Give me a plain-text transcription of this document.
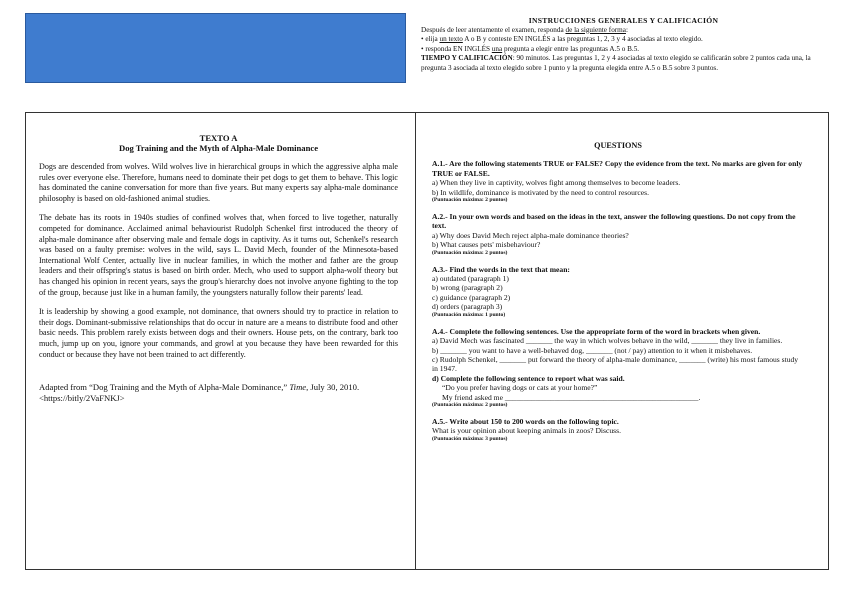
INSTRUCCIONES GENERALES Y CALIFICACIÓN

Después de leer atentamente el examen, responda de la siguiente forma:

• elija un texto A o B y conteste EN INGLÉS a las preguntas 1, 2, 3 y 4 asociadas al texto elegido.

• responda EN INGLÉS una pregunta a elegir entre las preguntas A.5 o B.5.

TIEMPO Y CALIFICACIÓN: 90 minutos. Las preguntas 1, 2 y 4 asociadas al texto elegido se calificarán sobre 2 puntos cada una, la pregunta 3 asociada al texto elegido sobre 1 punto y la pregunta elegida entre A.5 o B.5 sobre 3 puntos.

TEXTO A
Dog Training and the Myth of Alpha-Male Dominance

Dogs are descended from wolves. Wild wolves live in hierarchical groups in which the aggressive alpha male rules over everyone else. Therefore, humans need to dominate their pet dogs to get them to behave. This logic has dominated the canine conversation for more than five years. But many experts say alpha-male dominance philosophy is based on old-fashioned animal studies.

The debate has its roots in 1940s studies of confined wolves that, when forced to live together, naturally competed for dominance. Acclaimed animal behaviourist Rudolph Schenkel first introduced the theory of alpha-male dominance after observing male and female dogs in captivity. As it turns out, Schenkel's research was based on a faulty premise: wolves in the wild, says L. David Mech, founder of the Minnesota-based International Wolf Center, actually live in nuclear families, in which the mother and father are the group leaders and their offspring's status is based on birth order. Mech, who used to support alpha-wolf theory but has changed his opinion in recent years, says the group's hierarchy does not involve anyone fighting to the top of the group, because just like in a human family, the youngsters naturally follow their parents' lead.

It is leadership by showing a good example, not dominance, that owners should try to practice in relation to their dogs. Dominant-submissive relationships that do occur in nature are a means to distribute food and other basic needs. This problem rarely exists between dogs and their owners. House pets, on the contrary, bark too much, jump up on you, ignore your commands, and growl at you because they have been rewarded for this conduct or because they have not been trained to act differently.

Adapted from “Dog Training and the Myth of Alpha-Male Dominance,” Time, July 30, 2010. <https://bitly/2VaFNKJ>
QUESTIONS

A.1.- Are the following statements TRUE or FALSE? Copy the evidence from the text. No marks are given for only TRUE or FALSE.

a) When they live in captivity, wolves fight among themselves to become leaders.

b) In wildlife, dominance is motivated by the need to control resources.

(Puntuación máxima: 2 puntos)

A.2.- In your own words and based on the ideas in the text, answer the following questions. Do not copy from the text.

a) Why does David Mech reject alpha-male dominance theories?

b) What causes pets' misbehaviour?

(Puntuación máxima: 2 puntos)

A.3.- Find the words in the text that mean:

a) outdated (paragraph 1)

b) wrong (paragraph 2)

c) guidance (paragraph 2)

d) orders (paragraph 3)

(Puntuación máxima: 1 punto)

A.4.- Complete the following sentences. Use the appropriate form of the word in brackets when given.

a) David Mech was fascinated _______ the way in which wolves behave in the wild, _______ they live in families.

b) _______ you want to have a well-behaved dog, _______ (not / pay) attention to it when it misbehaves.

c) Rudolph Schenkel, _______ put forward the theory of alpha-male dominance, _______ (write) his most famous study in 1947.

d) Complete the following sentence to report what was said.

“Do you prefer having dogs or cats at your home?”

My friend asked me ___________________________________________________.

(Puntuación máxima: 2 puntos)

A.5.- Write about 150 to 200 words on the following topic.

What is your opinion about keeping animals in zoos? Discuss.

(Puntuación máxima: 3 puntos)
